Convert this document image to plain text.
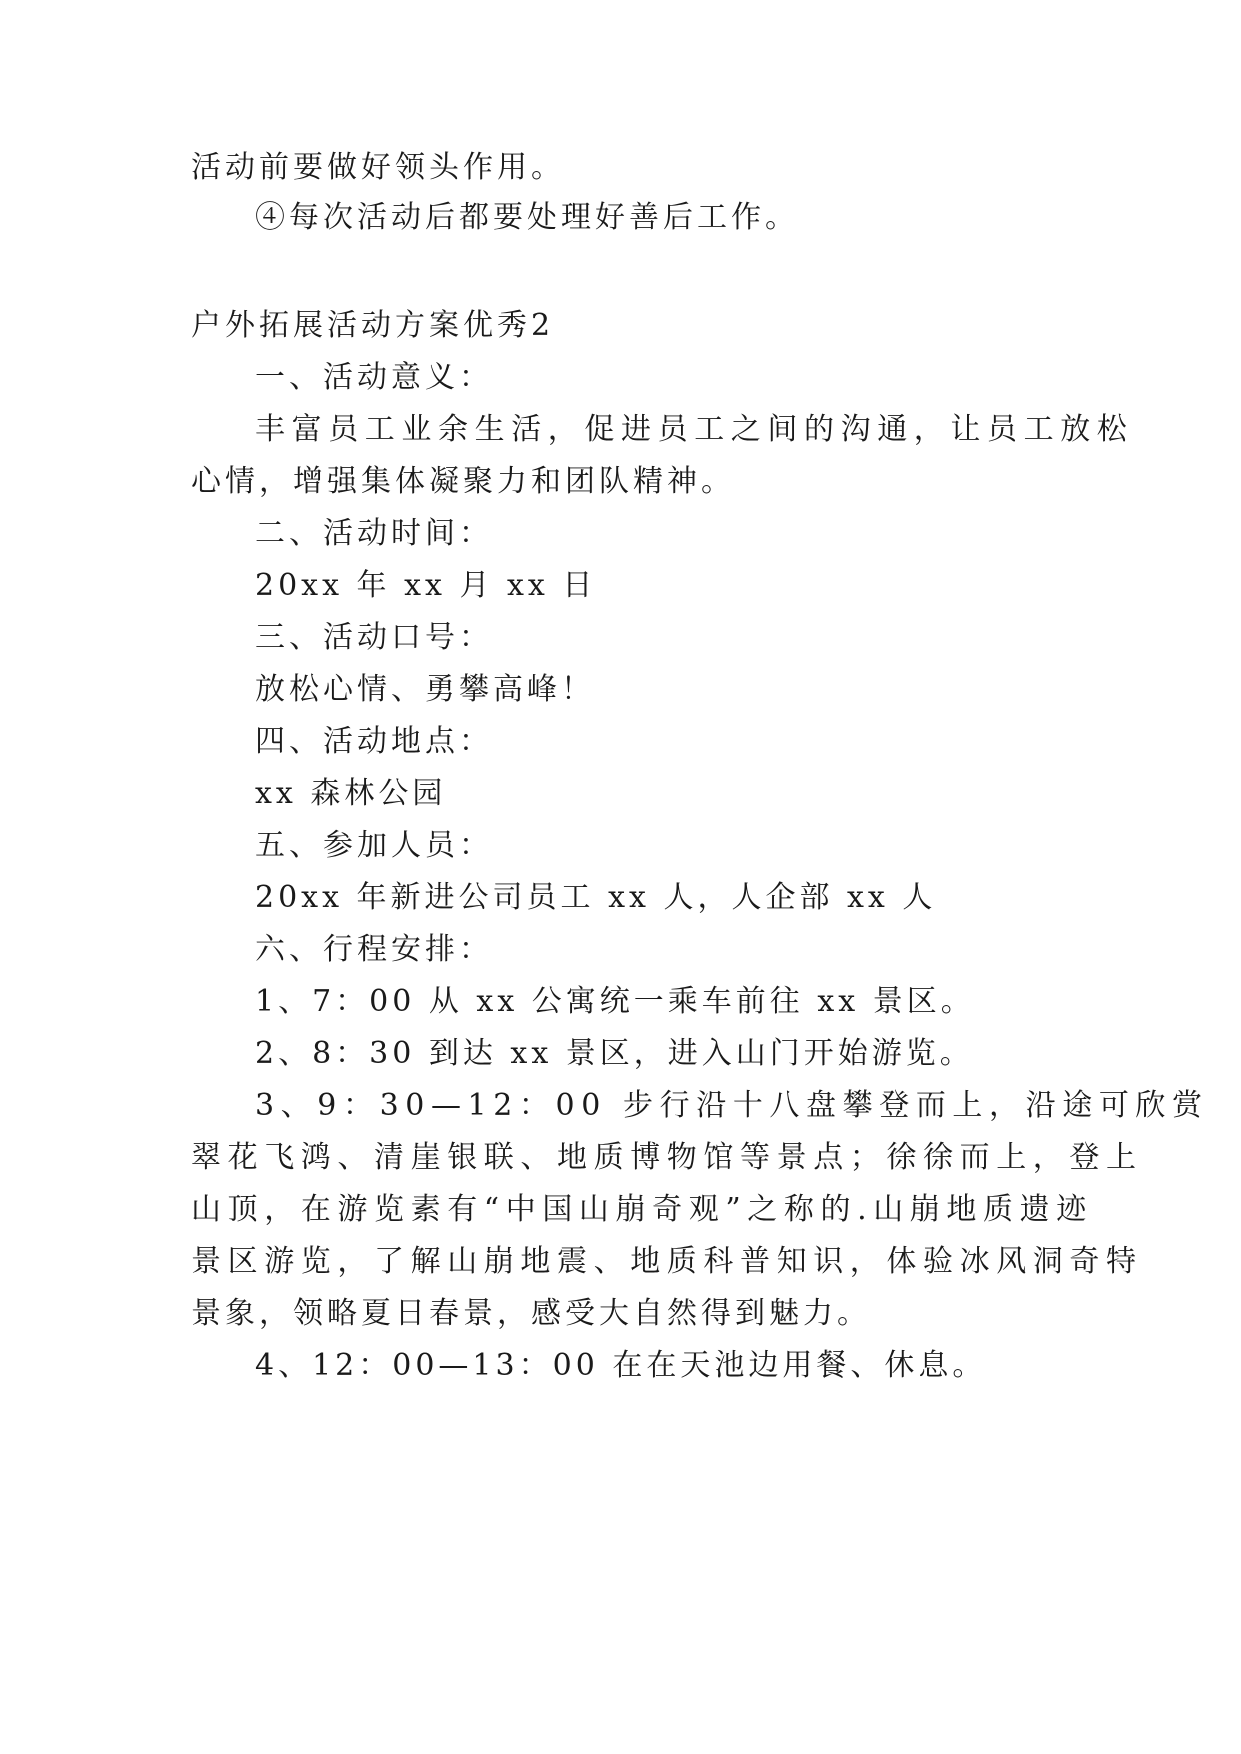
活动前要做好领头作用。
④每次活动后都要处理好善后工作。
户外拓展活动方案优秀2
一、活动意义：
丰富员工业余生活，促进员工之间的沟通，让员工放松
心情，增强集体凝聚力和团队精神。
二、活动时间：
20xx 年 xx 月 xx 日
三、活动口号：
放松心情、勇攀高峰！
四、活动地点：
xx 森林公园
五、参加人员：
20xx 年新进公司员工 xx 人，人企部 xx 人
六、行程安排：
1、7：00 从 xx 公寓统一乘车前往 xx 景区。
2、8：30 到达 xx 景区，进入山门开始游览。
3、9：30—12：00 步行沿十八盘攀登而上，沿途可欣赏
翠花飞鸿、清崖银联、地质博物馆等景点；徐徐而上，登上
山顶，在游览素有“中国山崩奇观”之称的.山崩地质遗迹
景区游览，了解山崩地震、地质科普知识，体验冰风洞奇特
景象，领略夏日春景，感受大自然得到魅力。
4、12：00—13：00 在在天池边用餐、休息。
